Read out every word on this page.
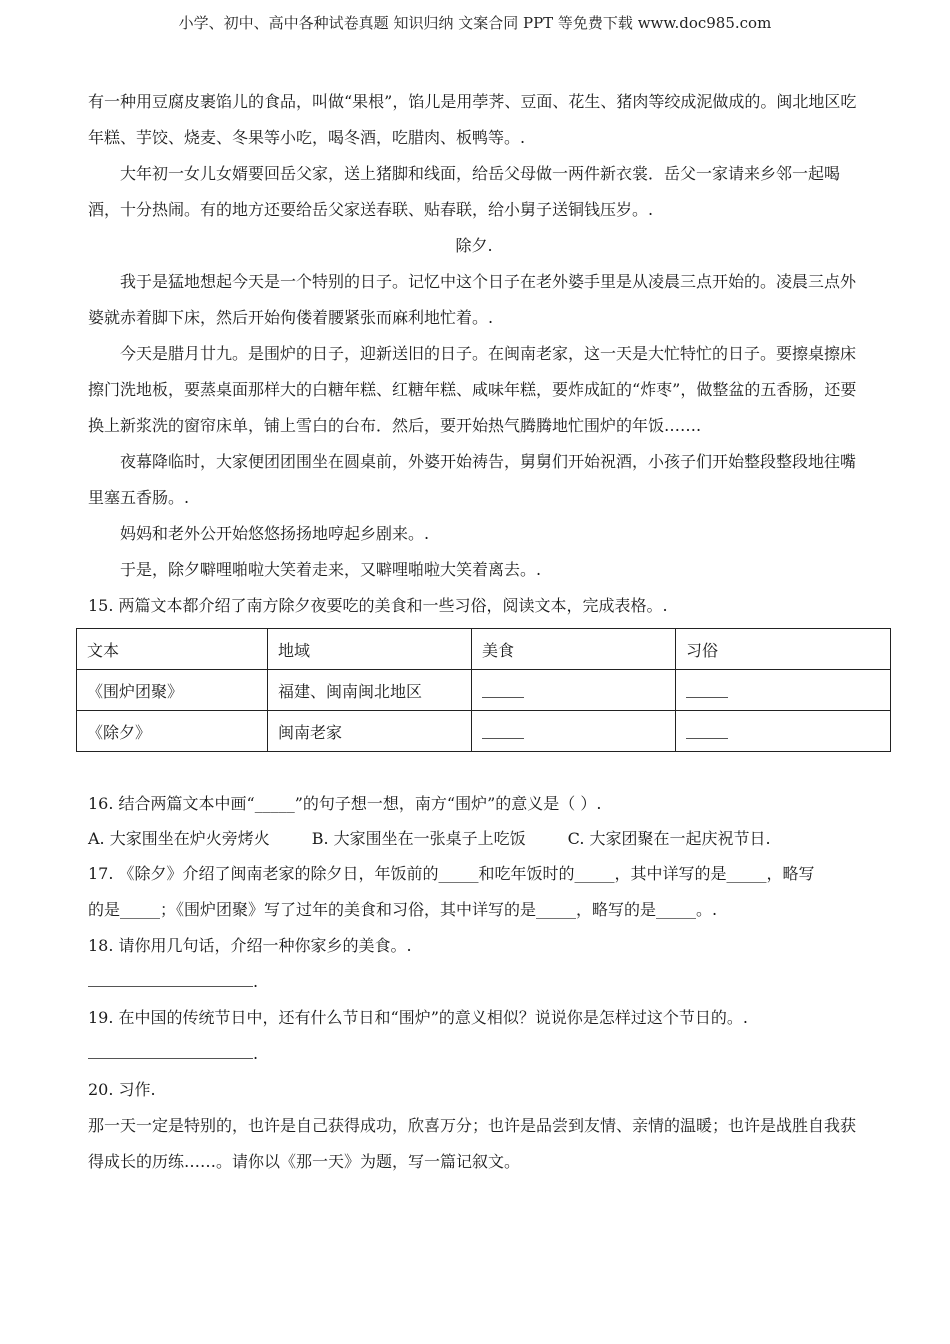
小学、初中、高中各种试卷真题 知识归纳 文案合同 PPT 等免费下载 www.doc985.com

有一种用豆腐皮裹馅儿的食品，叫做“果根”，馅儿是用荸荠、豆面、花生、猪肉等绞成泥做成的。闽北地区吃年糕、芋饺、烧麦、冬果等小吃，喝冬酒，吃腊肉、板鸭等。.

大年初一女儿女婿要回岳父家，送上猪脚和线面，给岳父母做一两件新衣裳．岳父一家请来乡邻一起喝酒，十分热闹。有的地方还要给岳父家送春联、贴春联，给小舅子送铜钱压岁。.

除夕.

我于是猛地想起今天是一个特别的日子。记忆中这个日子在老外婆手里是从凌晨三点开始的。凌晨三点外婆就赤着脚下床，然后开始佝偻着腰紧张而麻利地忙着。.

今天是腊月廿九。是围炉的日子，迎新送旧的日子。在闽南老家，这一天是大忙特忙的日子。要擦桌擦床擦门洗地板，要蒸桌面那样大的白糖年糕、红糖年糕、咸味年糕，要炸成缸的“炸枣”，做整盆的五香肠，还要换上新浆洗的窗帘床单，铺上雪白的台布．然后，要开始热气腾腾地忙围炉的年饭…….

夜幕降临时，大家便团团围坐在圆桌前，外婆开始祷告，舅舅们开始祝酒，小孩子们开始整段整段地往嘴里塞五香肠。.

妈妈和老外公开始悠悠扬扬地哼起乡剧来。.

于是，除夕噼哩啪啦大笑着走来，又噼哩啪啦大笑着离去。.

15. 两篇文本都介绍了南方除夕夜要吃的美食和一些习俗，阅读文本，完成表格。.

文本	地域	美食	习俗
《围炉团聚》	福建、闽南闽北地区		
《除夕》	闽南老家		

16. 结合两篇文本中画“_____”的句子想一想，南方“围炉”的意义是（ ）.

A. 大家围坐在炉火旁烤火	B. 大家围坐在一张桌子上吃饭	C. 大家团聚在一起庆祝节日.

17. 《除夕》介绍了闽南老家的除夕日，年饭前的_____和吃年饭时的_____，其中详写的是_____，略写

的是_____；《围炉团聚》写了过年的美食和习俗，其中详写的是_____，略写的是_____。.

18. 请你用几句话，介绍一种你家乡的美食。.

.

19. 在中国的传统节日中，还有什么节日和“围炉”的意义相似？说说你是怎样过这个节日的。.

.

20. 习作.

那一天一定是特别的，也许是自己获得成功，欣喜万分；也许是品尝到友情、亲情的温暖；也许是战胜自我获得成长的历练……。请你以《那一天》为题，写一篇记叙文。
